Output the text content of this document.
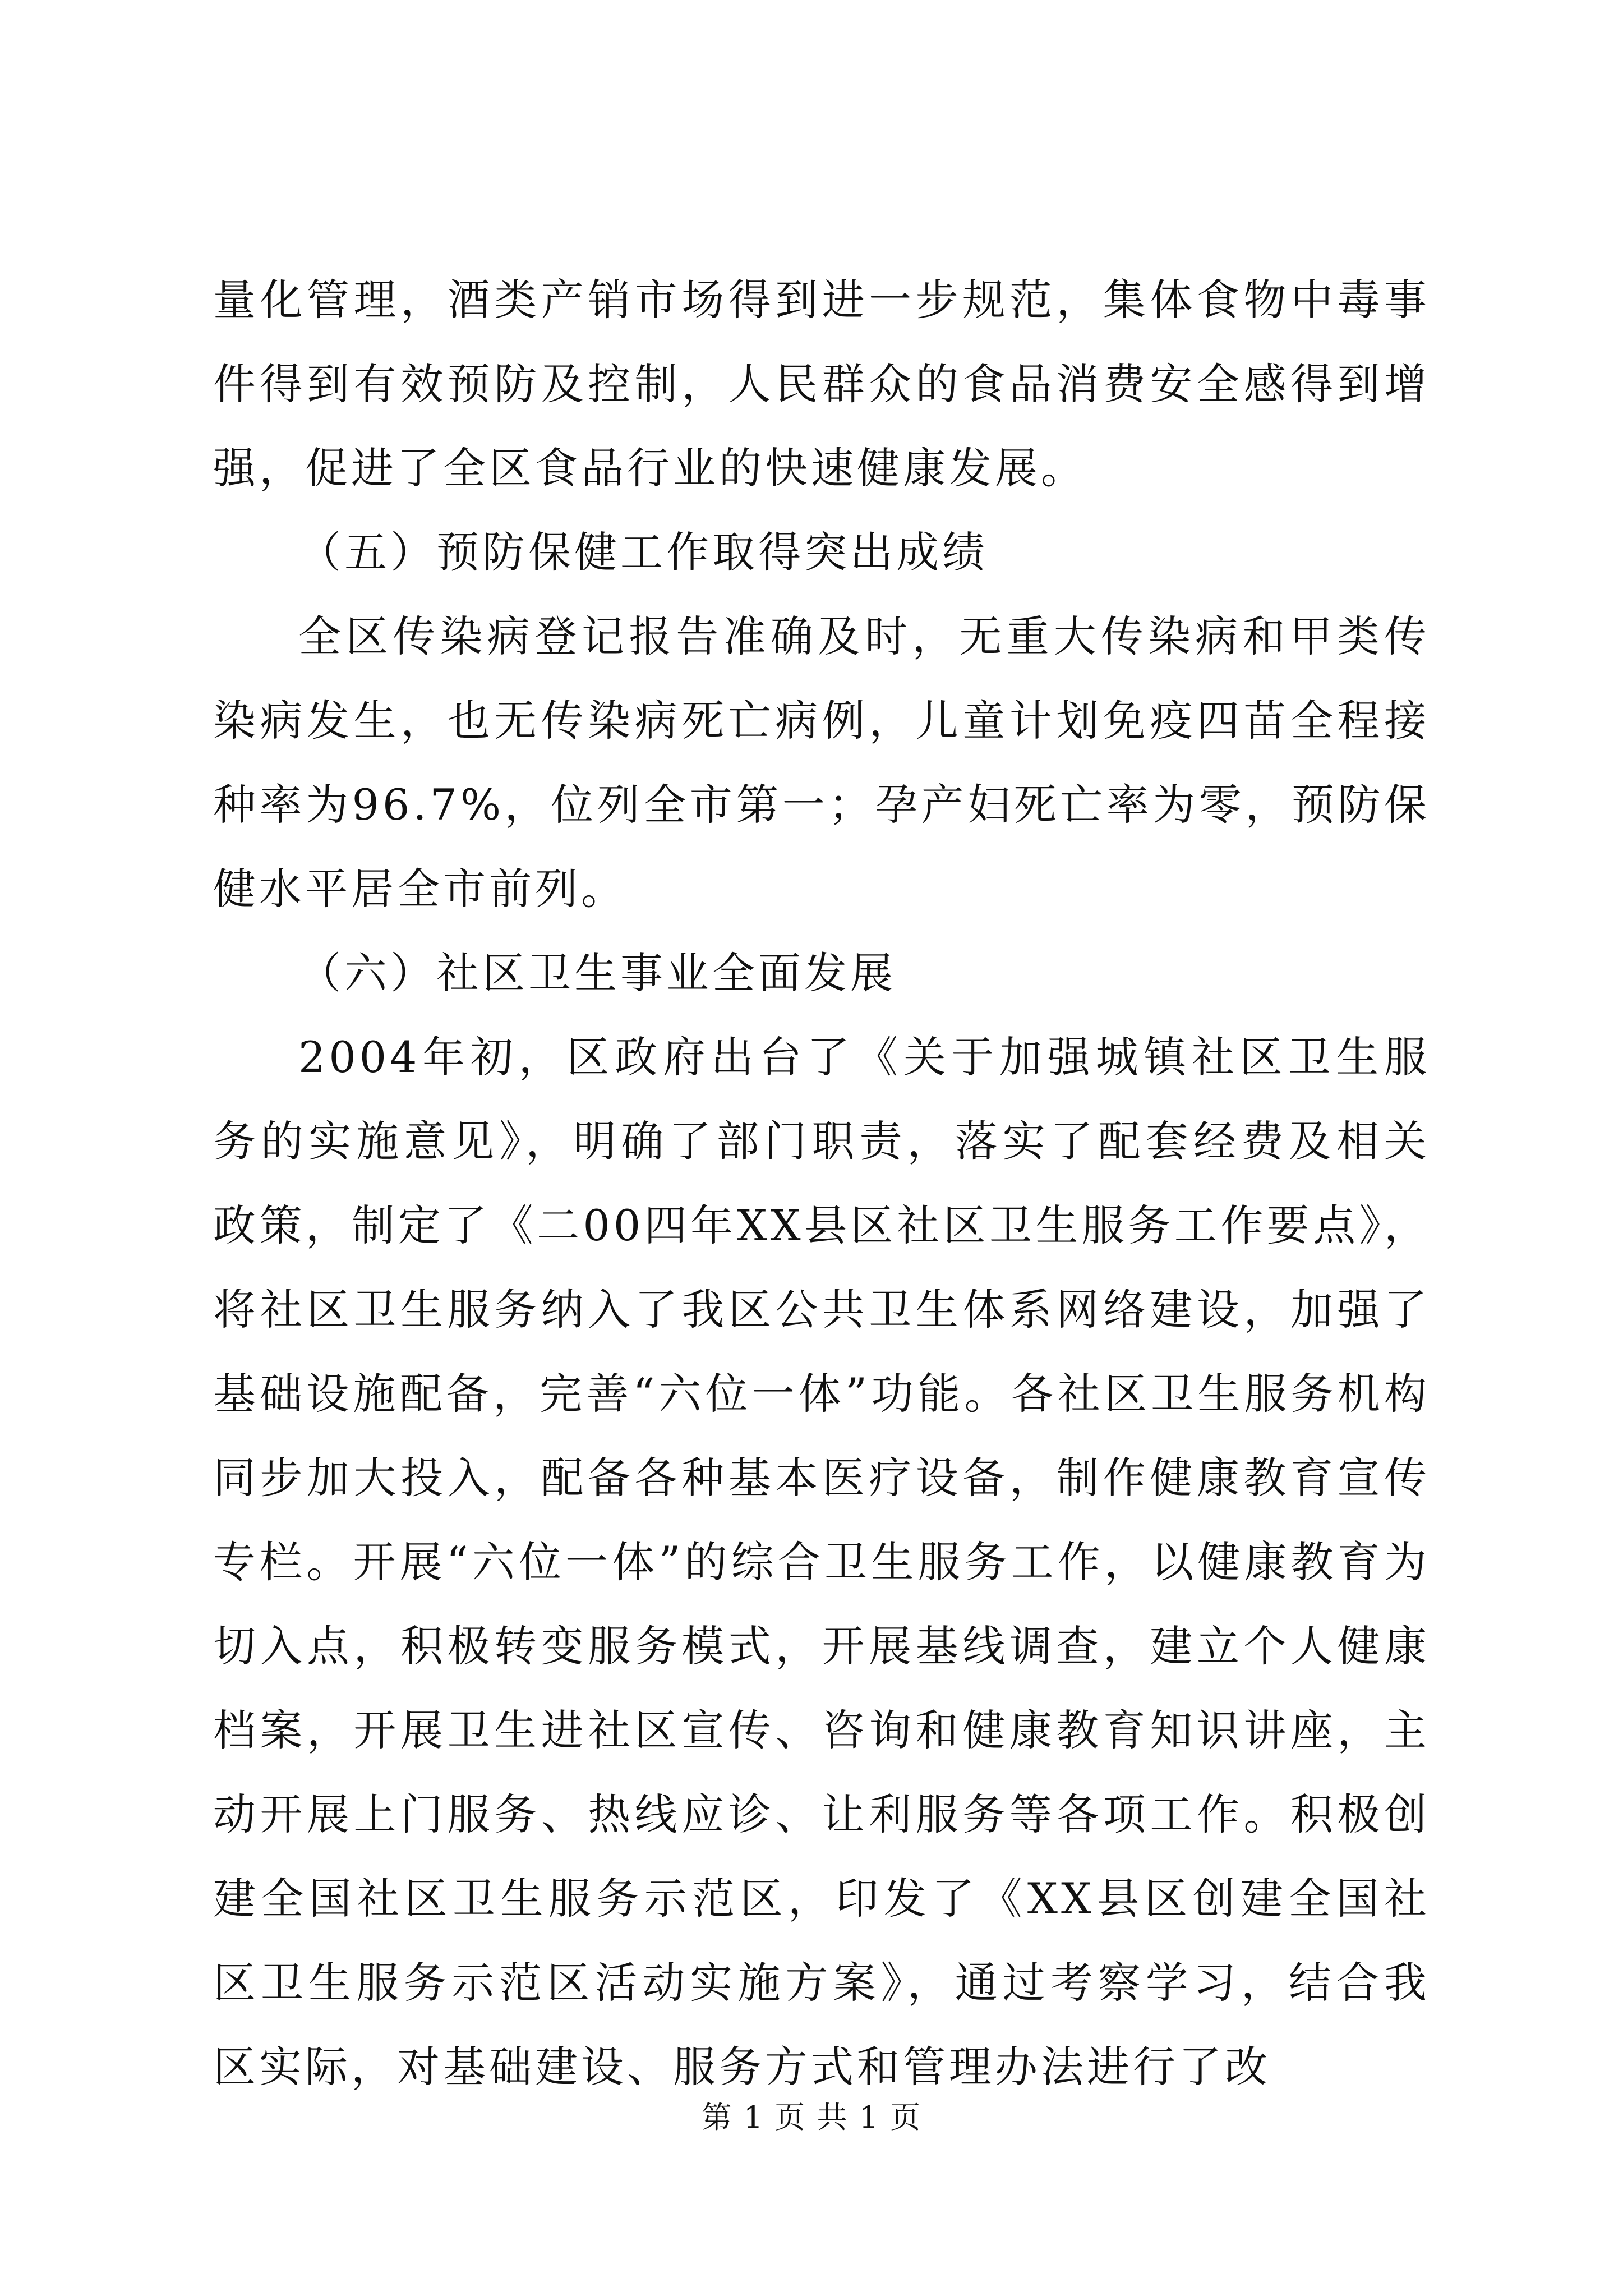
量化管理，酒类产销市场得到进一步规范，集体食物中毒事件得到有效预防及控制，人民群众的食品消费安全感得到增强，促进了全区食品行业的快速健康发展。

（五）预防保健工作取得突出成绩

全区传染病登记报告准确及时，无重大传染病和甲类传染病发生，也无传染病死亡病例，儿童计划免疫四苗全程接种率为96.7%，位列全市第一；孕产妇死亡率为零，预防保健水平居全市前列。

（六）社区卫生事业全面发展

2004年初，区政府出台了《关于加强城镇社区卫生服务的实施意见》，明确了部门职责，落实了配套经费及相关政策，制定了《二00四年XX县区社区卫生服务工作要点》，将社区卫生服务纳入了我区公共卫生体系网络建设，加强了基础设施配备，完善“六位一体”功能。各社区卫生服务机构同步加大投入，配备各种基本医疗设备，制作健康教育宣传专栏。开展“六位一体”的综合卫生服务工作，以健康教育为切入点，积极转变服务模式，开展基线调查，建立个人健康档案，开展卫生进社区宣传、咨询和健康教育知识讲座，主动开展上门服务、热线应诊、让利服务等各项工作。积极创建全国社区卫生服务示范区，印发了《XX县区创建全国社区卫生服务示范区活动实施方案》，通过考察学习，结合我区实际，对基础建设、服务方式和管理办法进行了改

第 1 页 共 1 页
